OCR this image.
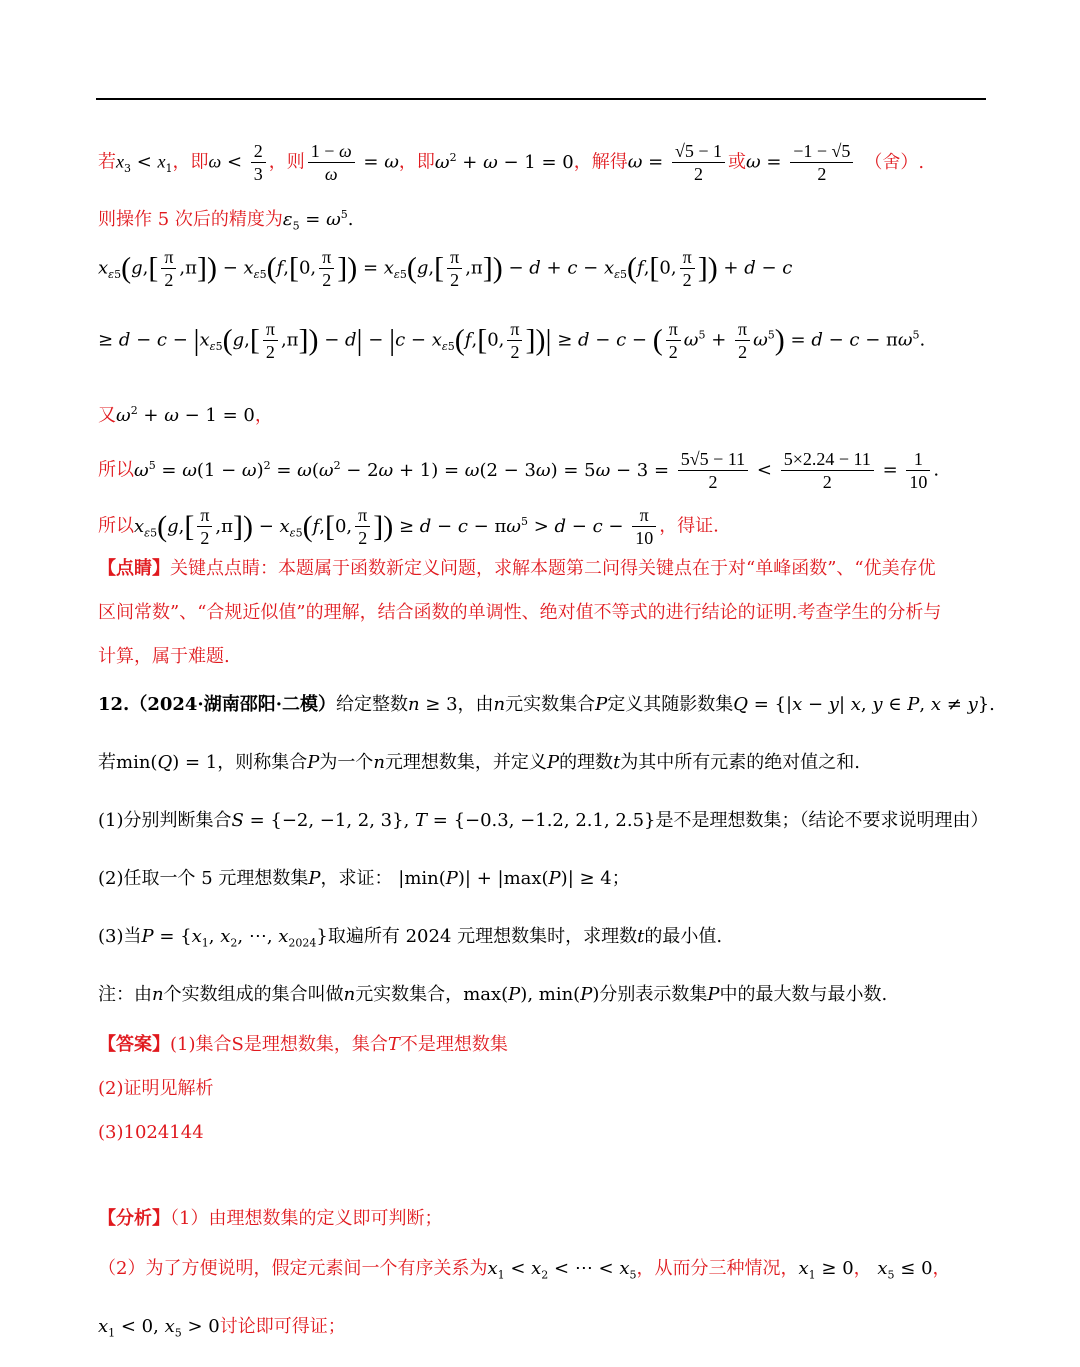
若$x_3 < x_1$，即$\omega < \frac{2}{3}$ ，则 $\frac{1 - \omega}{\omega} = \omega$，即$\omega^2 + \omega - 1 = 0$，解得$\omega = \frac{√5 - 1}{2}$ 或$\omega = \frac{-1 - √5}{2}$ （舍）.
则操作 5 次后的精度为$\varepsilon_5 = \omega^5$.
$x_{\varepsilon 5}(g,[ \frac{\pi}{2} ,\pi]) - x_{\varepsilon 5}(f,[0$, $\frac{\pi}{2}$ ]) = $x_{\varepsilon 5}(g,[ \frac{\pi}{2} ,\pi]) - d + c - x_{\varepsilon 5}(f,[0$, $\frac{\pi}{2}$ ]) + d − c
≥ $d - c - |x_{\varepsilon 5}(g,[ \frac{\pi}{2} ,\pi]) - d| - |c - x_{\varepsilon 5}(f,[0$, $\frac{\pi}{2}$ ])| ≥ d − c − ( $\frac{\pi}{2} \omega^5 + \frac{\pi}{2} \omega^5) = d - c - \pi\omega^5$.
又$\omega^2 + \omega - 1 = 0$，
所以$\omega^5 = \omega(1 - \omega)^2 = \omega(\omega^2 - 2\omega + 1) = \omega(2 - 3\omega) = 5\omega - 3 = \frac{5√5 - 11}{2} < \frac{5\times 2.24 - 11}{2} = \frac{1}{10}$ .
所以$x_{\varepsilon 5}(g,[ \frac{\pi}{2} ,\pi]) - x_{\varepsilon 5}(f,[0$, $\frac{\pi}{2}$ ]) ≥ $d - c - \pi\omega^5 > d - c - \frac{\pi}{10}$ ，得证.
【点睛】关键点点睛：本题属于函数新定义问题，求解本题第二问得关键点在于对“单峰函数”、“优美存优
区间常数”、“合规近似值”的理解，结合函数的单调性、绝对值不等式的进行结论的证明.考查学生的分析与
计算，属于难题.
12.（2024·湖南邵阳·二模）给定整数n ≥ 3，由n元实数集合P定义其随影数集Q = {|x − y| x, y ∈ P, x ≠ y}.
若min(Q) = 1，则称集合P为一个n元理想数集，并定义P的理数t为其中所有元素的绝对值之和.
(1)分别判断集合S = {−2, −1, 2, 3}, T = {−0.3, −1.2, 2.1, 2.5}是不是理想数集；（结论不要求说明理由）
(2)任取一个 5 元理想数集P，求证： |min(P)| + |max(P)| ≥ 4；
(3)当$P = \{x_1$, $x_2$, ⋯, $x_{2024}$}取遍所有 2024 元理想数集时，求理数t的最小值.
注：由n个实数组成的集合叫做n元实数集合，max(P), min(P)分别表示数集P中的最大数与最小数.
【答案】(1)集合S是理想数集，集合T不是理想数集
(2)证明见解析
(3)1024144
【分析】（1）由理想数集的定义即可判断；
（2）为了方便说明，假定元素间一个有序关系为$x_1 < x_2$ < ⋯ < $x_5$，从而分三种情况，$x_1 \ge 0$， $x_5 \le 0$，
$x_1 < 0$, $x_5 > 0$讨论即可得证；
